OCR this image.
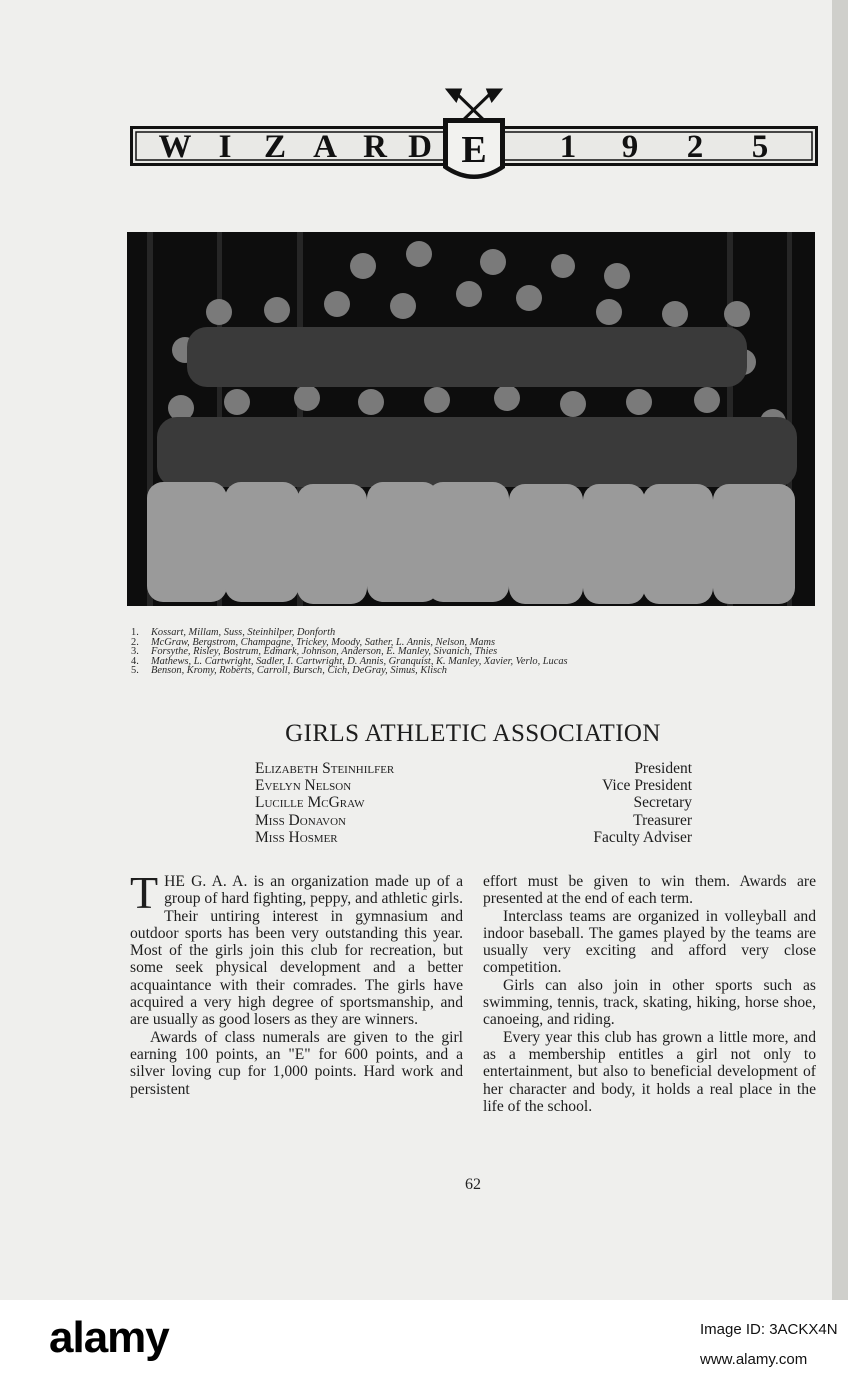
W I Z A R D E 1 9 2 5
1. Kossart, Millam, Suss, Steinhilper, Donforth
2. McGraw, Bergstrom, Champagne, Trickey, Moody, Sather, L. Annis, Nelson, Mams
3. Forsythe, Risley, Bostrum, Edmark, Johnson, Anderson, E. Manley, Sivanich, Thies
4. Mathews, L. Cartwright, Sadler, I. Cartwright, D. Annis, Granquist, K. Manley, Xavier, Verlo, Lucas
5. Benson, Kromy, Roberts, Carroll, Bursch, Cich, DeGray, Simus, Klisch
GIRLS ATHLETIC ASSOCIATION
Elizabeth Steinhilfer	President
Evelyn Nelson	Vice President
Lucille McGraw	Secretary
Miss Donavon	Treasurer
Miss Hosmer	Faculty Adviser

THE G. A. A. is an organization made up of a group of hard fighting, peppy, and athletic girls. Their untiring interest in gymnasium and outdoor sports has been very outstanding this year. Most of the girls join this club for recreation, but some seek physical development and a better acquaintance with their comrades. The girls have acquired a very high degree of sportsmanship, and are usually as good losers as they are winners.

Awards of class numerals are given to the girl earning 100 points, an "E" for 600 points, and a silver loving cup for 1,000 points. Hard work and persistent

effort must be given to win them. Awards are presented at the end of each term.

Interclass teams are organized in volleyball and indoor baseball. The games played by the teams are usually very exciting and afford very close competition.

Girls can also join in other sports such as swimming, tennis, track, skating, hiking, horse shoe, canoeing, and riding.

Every year this club has grown a little more, and as a membership entitles a girl not only to entertainment, but also to beneficial development of her character and body, it holds a real place in the life of the school.

62
alamy	Image ID: 3ACKX4N
www.alamy.com
